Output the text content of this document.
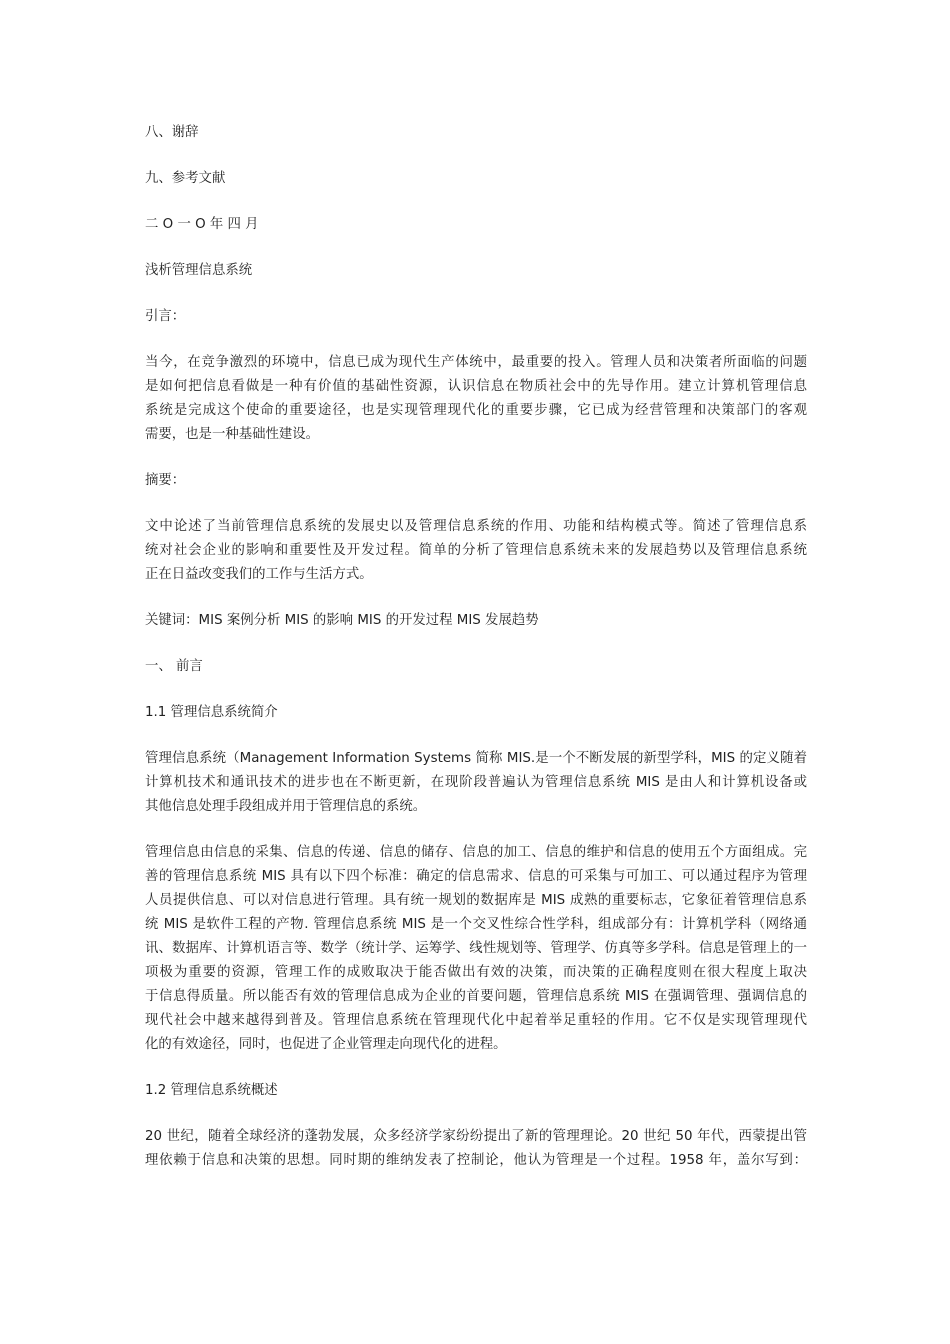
八、谢辞

九、参考文献

二 O 一 O 年 四 月

浅析管理信息系统

引言：

当今，在竞争激烈的环境中，信息已成为现代生产体统中，最重要的投入。管理人员和决策者所面临的问题
是如何把信息看做是一种有价值的基础性资源，认识信息在物质社会中的先导作用。建立计算机管理信息
系统是完成这个使命的重要途径，也是实现管理现代化的重要步骤，它已成为经营管理和决策部门的客观
需要，也是一种基础性建设。

摘要：

文中论述了当前管理信息系统的发展史以及管理信息系统的作用、功能和结构模式等。简述了管理信息系
统对社会企业的影响和重要性及开发过程。简单的分析了管理信息系统未来的发展趋势以及管理信息系统
正在日益改变我们的工作与生活方式。

关键词：MIS 案例分析 MIS 的影响 MIS 的开发过程 MIS 发展趋势

一、 前言

1.1 管理信息系统简介

管理信息系统（Management Information Systems 简称 MIS.是一个不断发展的新型学科，MIS 的定义随着
计算机技术和通讯技术的进步也在不断更新，在现阶段普遍认为管理信息系统 MIS 是由人和计算机设备或
其他信息处理手段组成并用于管理信息的系统。
管理信息由信息的采集、信息的传递、信息的储存、信息的加工、信息的维护和信息的使用五个方面组成。完
善的管理信息系统 MIS 具有以下四个标准：确定的信息需求、信息的可采集与可加工、可以通过程序为管理
人员提供信息、可以对信息进行管理。具有统一规划的数据库是 MIS 成熟的重要标志，它象征着管理信息系
统 MIS 是软件工程的产物. 管理信息系统 MIS 是一个交叉性综合性学科，组成部分有：计算机学科（网络通
讯、数据库、计算机语言等、数学（统计学、运筹学、线性规划等、管理学、仿真等多学科。信息是管理上的一
项极为重要的资源，管理工作的成败取决于能否做出有效的决策，而决策的正确程度则在很大程度上取决
于信息得质量。所以能否有效的管理信息成为企业的首要问题，管理信息系统 MIS 在强调管理、强调信息的
现代社会中越来越得到普及。管理信息系统在管理现代化中起着举足重轻的作用。它不仅是实现管理现代
化的有效途径，同时，也促进了企业管理走向现代化的进程。

1.2 管理信息系统概述

20 世纪，随着全球经济的蓬勃发展，众多经济学家纷纷提出了新的管理理论。20 世纪 50 年代，西蒙提出管
理依赖于信息和决策的思想。同时期的维纳发表了控制论，他认为管理是一个过程。1958 年，盖尔写到：
